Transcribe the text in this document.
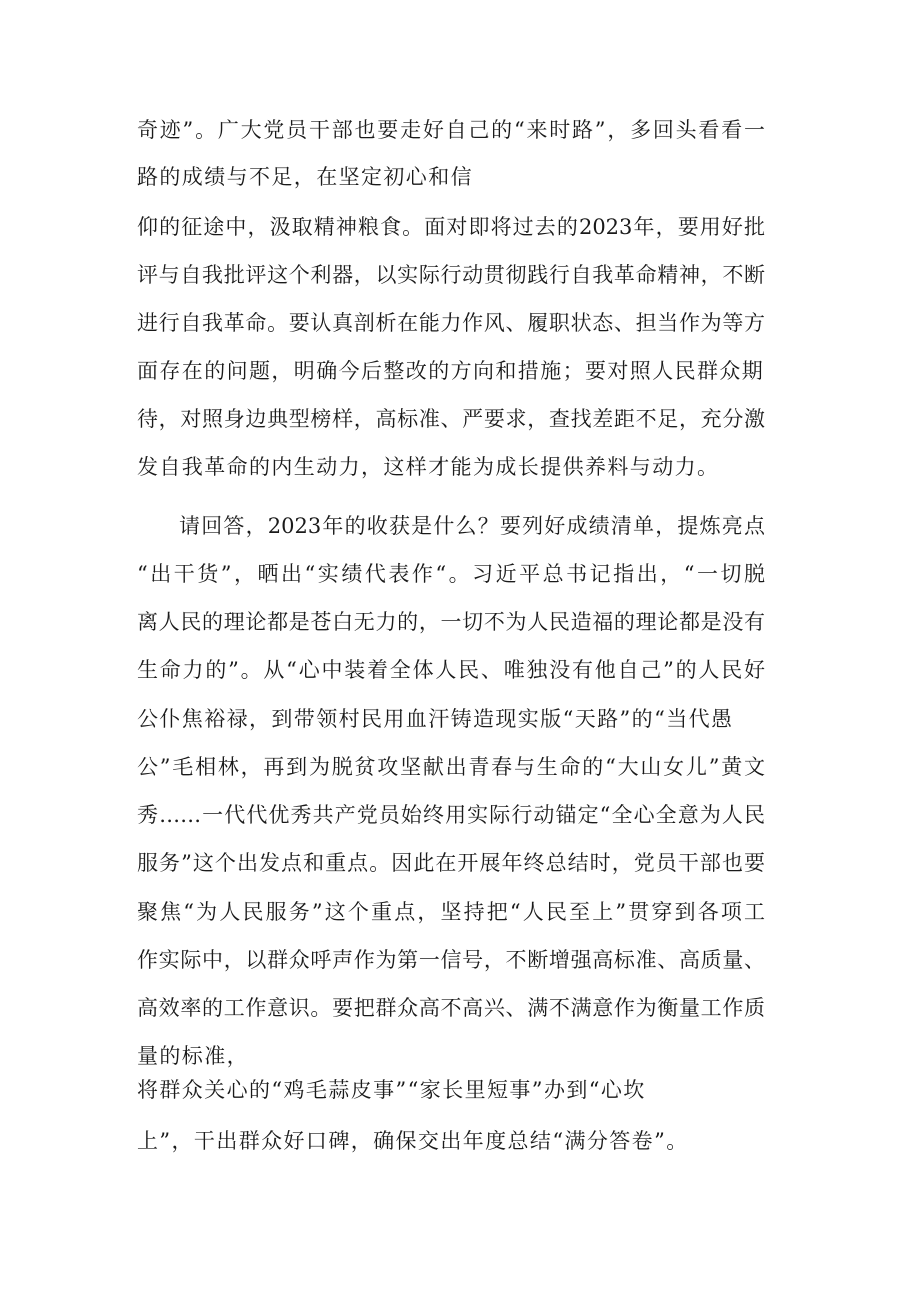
奇迹”。广大党员干部也要走好自己的“来时路”，多回头看看一
路的成绩与不足，在坚定初心和信
仰的征途中，汲取精神粮食。面对即将过去的2023年，要用好批
评与自我批评这个利器，以实际行动贯彻践行自我革命精神，不断
进行自我革命。要认真剖析在能力作风、履职状态、担当作为等方
面存在的问题，明确今后整改的方向和措施；要对照人民群众期
待，对照身边典型榜样，高标准、严要求，查找差距不足，充分激
发自我革命的内生动力，这样才能为成长提供养料与动力。
请回答，2023年的收获是什么？要列好成绩清单，提炼亮点
“出干货”，晒出“实绩代表作“。习近平总书记指出，“一切脱
离人民的理论都是苍白无力的，一切不为人民造福的理论都是没有
生命力的”。从“心中装着全体人民、唯独没有他自己”的人民好
公仆焦裕禄，到带领村民用血汗铸造现实版“天路”的“当代愚
公”毛相林，再到为脱贫攻坚献出青春与生命的“大山女儿”黄文
秀……一代代优秀共产党员始终用实际行动锚定“全心全意为人民
服务”这个出发点和重点。因此在开展年终总结时，党员干部也要
聚焦“为人民服务”这个重点，坚持把“人民至上”贯穿到各项工
作实际中，以群众呼声作为第一信号，不断增强高标准、高质量、
高效率的工作意识。要把群众高不高兴、满不满意作为衡量工作质
量的标准，
将群众关心的“鸡毛蒜皮事”“家长里短事”办到“心坎
上”，干出群众好口碑，确保交出年度总结“满分答卷”。
